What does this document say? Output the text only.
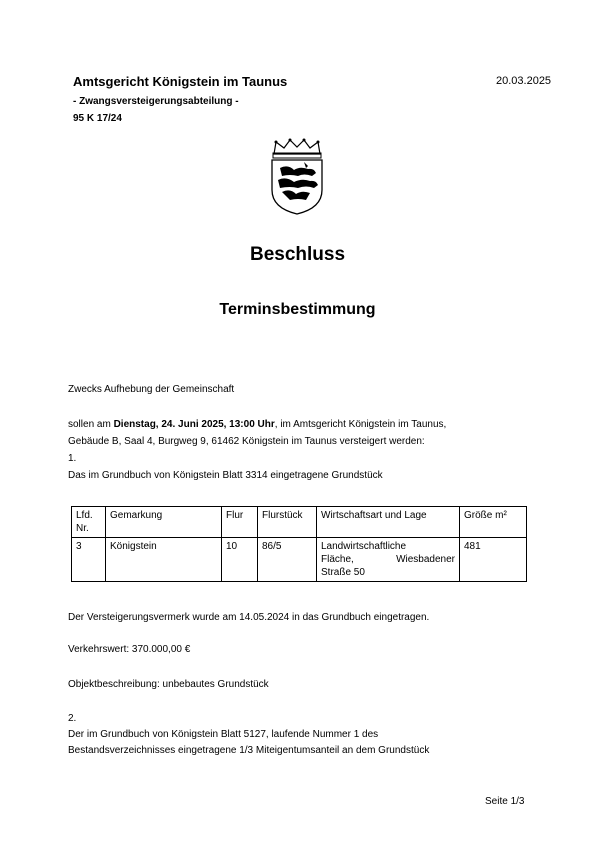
Amtsgericht Königstein im Taunus	20.03.2025
- Zwangsversteigerungsabteilung -
95 K 17/24
Beschluss
Terminsbestimmung
Zwecks Aufhebung der Gemeinschaft
sollen am Dienstag, 24. Juni 2025, 13:00 Uhr, im Amtsgericht Königstein im Taunus,
Gebäude B, Saal 4, Burgweg 9, 61462 Königstein im Taunus versteigert werden:
1.
Das im Grundbuch von Königstein Blatt 3314 eingetragene Grundstück
Lfd. Nr.	Gemarkung	Flur	Flurstück	Wirtschaftsart und Lage	Größe m²
3	Königstein	10	86/5	Landwirtschaftliche
Fläche, Wiesbadener
Straße 50	481
Der Versteigerungsvermerk wurde am 14.05.2024 in das Grundbuch eingetragen.
Verkehrswert: 370.000,00 €
Objektbeschreibung: unbebautes Grundstück
2.
Der im Grundbuch von Königstein Blatt 5127, laufende Nummer 1 des
Bestandsverzeichnisses eingetragene 1/3 Miteigentumsanteil an dem Grundstück
Seite 1/3
